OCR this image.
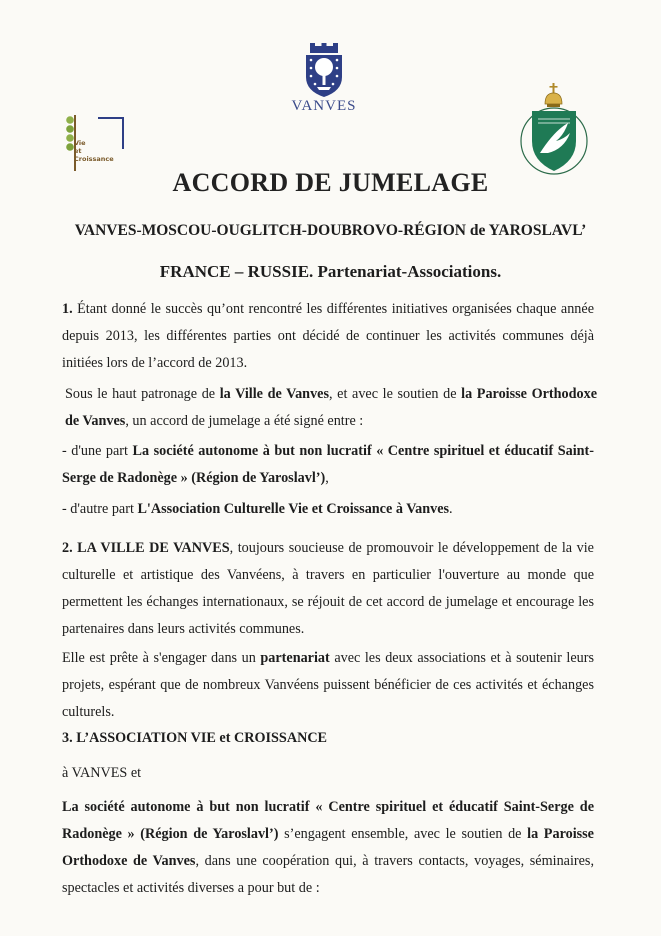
VANVES
Vie
et
Croissance
ACCORD DE JUMELAGE
VANVES-MOSCOU-OUGLITCH-DOUBROVO-RÉGION de YAROSLAVL’
FRANCE – RUSSIE. Partenariat-Associations.
1. Étant donné le succès qu’ont rencontré les différentes initiatives organisées chaque année depuis 2013, les différentes parties ont décidé de continuer les activités communes déjà initiées lors de l’accord de 2013.
Sous le haut patronage de la Ville de Vanves, et avec le soutien de la Paroisse Orthodoxe de Vanves, un accord de jumelage a été signé entre :
- d'une part La société autonome à but non lucratif « Centre spirituel et éducatif Saint-Serge de Radonège » (Région de Yaroslavl’),
- d'autre part L'Association Culturelle Vie et Croissance à Vanves.
2. LA VILLE DE VANVES, toujours soucieuse de promouvoir le développement de la vie culturelle et artistique des Vanvéens, à travers en particulier l'ouverture au monde que permettent les échanges internationaux, se réjouit de cet accord de jumelage et encourage les partenaires dans leurs activités communes.
Elle est prête à s'engager dans un partenariat avec les deux associations et à soutenir leurs projets, espérant que de nombreux Vanvéens puissent bénéficier de ces activités et échanges culturels.
3. L’ASSOCIATION VIE et CROISSANCE
à VANVES et
La société autonome à but non lucratif « Centre spirituel et éducatif Saint-Serge de Radonège » (Région de Yaroslavl’) s’engagent ensemble, avec le soutien de la Paroisse Orthodoxe de Vanves, dans une coopération qui, à travers contacts, voyages, séminaires, spectacles et activités diverses a pour but de :
